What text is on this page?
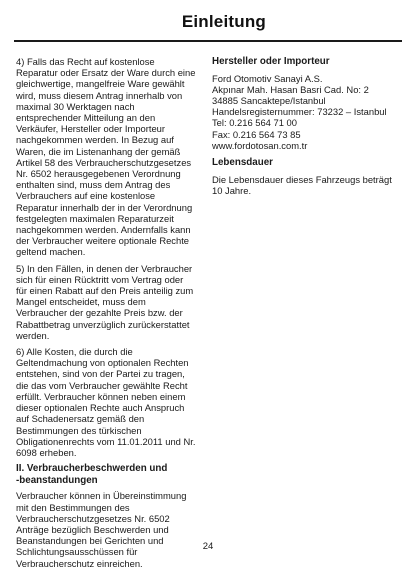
Einleitung

4) Falls das Recht auf kostenlose
Reparatur oder Ersatz der Ware durch eine
gleichwertige, mangelfreie Ware gewählt
wird, muss diesem Antrag innerhalb von
maximal 30 Werktagen nach
entsprechender Mitteilung an den
Verkäufer, Hersteller oder Importeur
nachgekommen werden. In Bezug auf
Waren, die im Listenanhang der gemäß
Artikel 58 des Verbraucherschutzgesetzes
Nr. 6502 herausgegebenen Verordnung
enthalten sind, muss dem Antrag des
Verbrauchers auf eine kostenlose
Reparatur innerhalb der in der Verordnung
festgelegten maximalen Reparaturzeit
nachgekommen werden. Andernfalls kann
der Verbraucher weitere optionale Rechte
geltend machen.

5) In den Fällen, in denen der Verbraucher
sich für einen Rücktritt vom Vertrag oder
für einen Rabatt auf den Preis anteilig zum
Mangel entscheidet, muss dem
Verbraucher der gezahlte Preis bzw. der
Rabattbetrag unverzüglich zurückerstattet
werden.

6) Alle Kosten, die durch die
Geltendmachung von optionalen Rechten
entstehen, sind von der Partei zu tragen,
die das vom Verbraucher gewählte Recht
erfüllt. Verbraucher können neben einem
dieser optionalen Rechte auch Anspruch
auf Schadenersatz gemäß den
Bestimmungen des türkischen
Obligationenrechts vom 11.01.2011 und Nr.
6098 erheben.

II. Verbraucherbeschwerden und
-beanstandungen

Verbraucher können in Übereinstimmung
mit den Bestimmungen des
Verbraucherschutzgesetzes Nr. 6502
Anträge bezüglich Beschwerden und
Beanstandungen bei Gerichten und
Schlichtungsausschüssen für
Verbraucherschutz einreichen.

Hersteller oder Importeur

Ford Otomotiv Sanayi A.S.
Akpınar Mah. Hasan Basri Cad. No: 2
34885 Sancaktepe/Istanbul
Handelsregisternummer: 73232 – Istanbul
Tel: 0.216 564 71 00
Fax: 0.216 564 73 85
www.fordotosan.com.tr

Lebensdauer

Die Lebensdauer dieses Fahrzeugs beträgt
10 Jahre.

24
